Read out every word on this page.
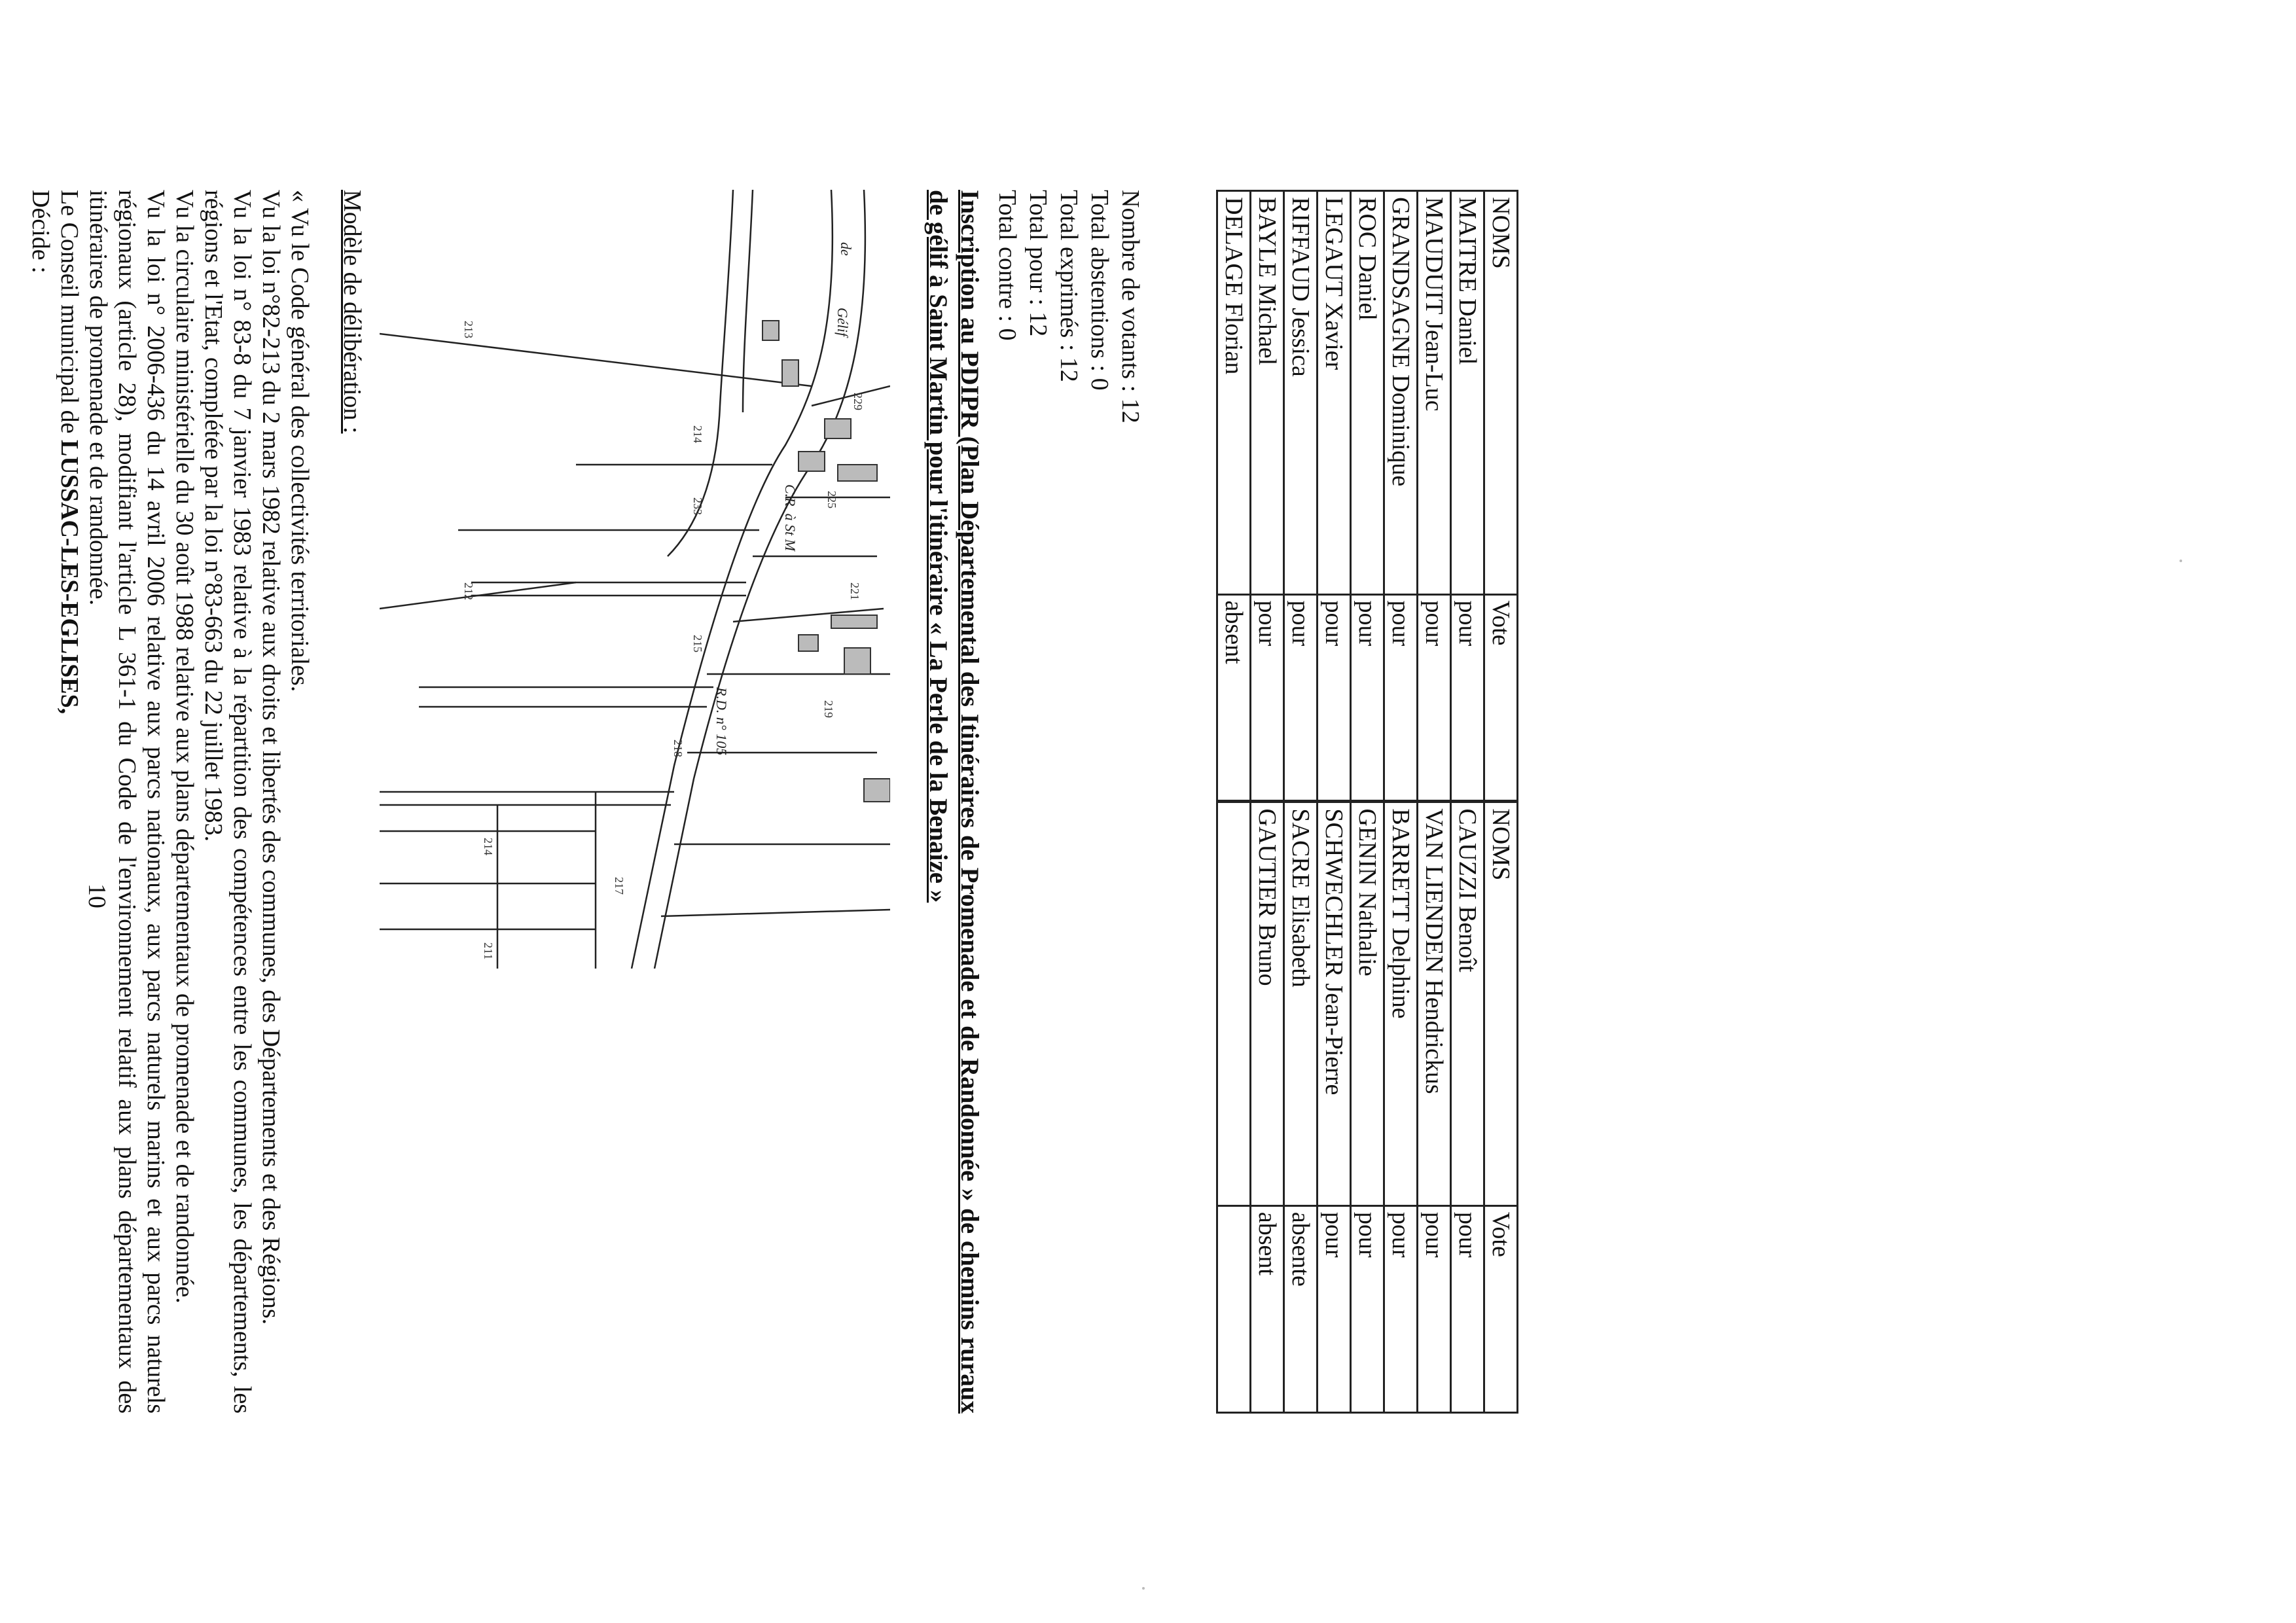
NOMS	Vote	NOMS	Vote
MAITRE Daniel	pour	CAUZZI Benoît	pour
MAUDUIT Jean-Luc	pour	VAN LIENDEN Hendrickus	pour
GRANDSAGNE Dominique	pour	BARRETT Delphine	pour
ROC Daniel	pour	GENIN Nathalie	pour
LEGAUT Xavier	pour	SCHWECHLER Jean-Pierre	pour
RIFFAUD Jessica	pour	SACRE Elisabeth	absente
BAYLE Michael	pour	GAUTIER Bruno	absent
DELAGE Florian	absent		
Nombre de votants : 12
Total abstentions : 0
Total exprimés : 12
Total pour : 12
Total contre : 0
Inscription au PDIPR (Plan Départemental des Itinéraires de Promenade et de Randonnée » de chemins ruraux de gélif à Saint Martin pour l'itinéraire « La Perle de la Benaize »
229
225
221
219
214
233
215
218
217
212
213
214
211
de
Gélif
C.R. à St M
R.D. n° 105
Modèle de délibération :

« Vu le Code général des collectivités territoriales.

Vu la loi n°82-213 du 2 mars 1982 relative aux droits et libertés des communes, des Départements et des Régions.

Vu la loi n° 83-8 du 7 janvier 1983 relative à la répartition des compétences entre les communes, les départements, les régions et l'Etat, complétée par la loi n°83-663 du 22 juillet 1983.

Vu la circulaire ministérielle du 30 août 1988 relative aux plans départementaux de promenade et de randonnée.

Vu la loi n° 2006-436 du 14 avril 2006 relative aux parcs nationaux, aux parcs naturels marins et aux parcs naturels régionaux (article 28), modifiant l'article L 361-1 du Code de l'environnement relatif aux plans départementaux des itinéraires de promenade et de randonnée.

Le Conseil municipal de LUSSAC-LES-EGLISES,

Décide :

10
